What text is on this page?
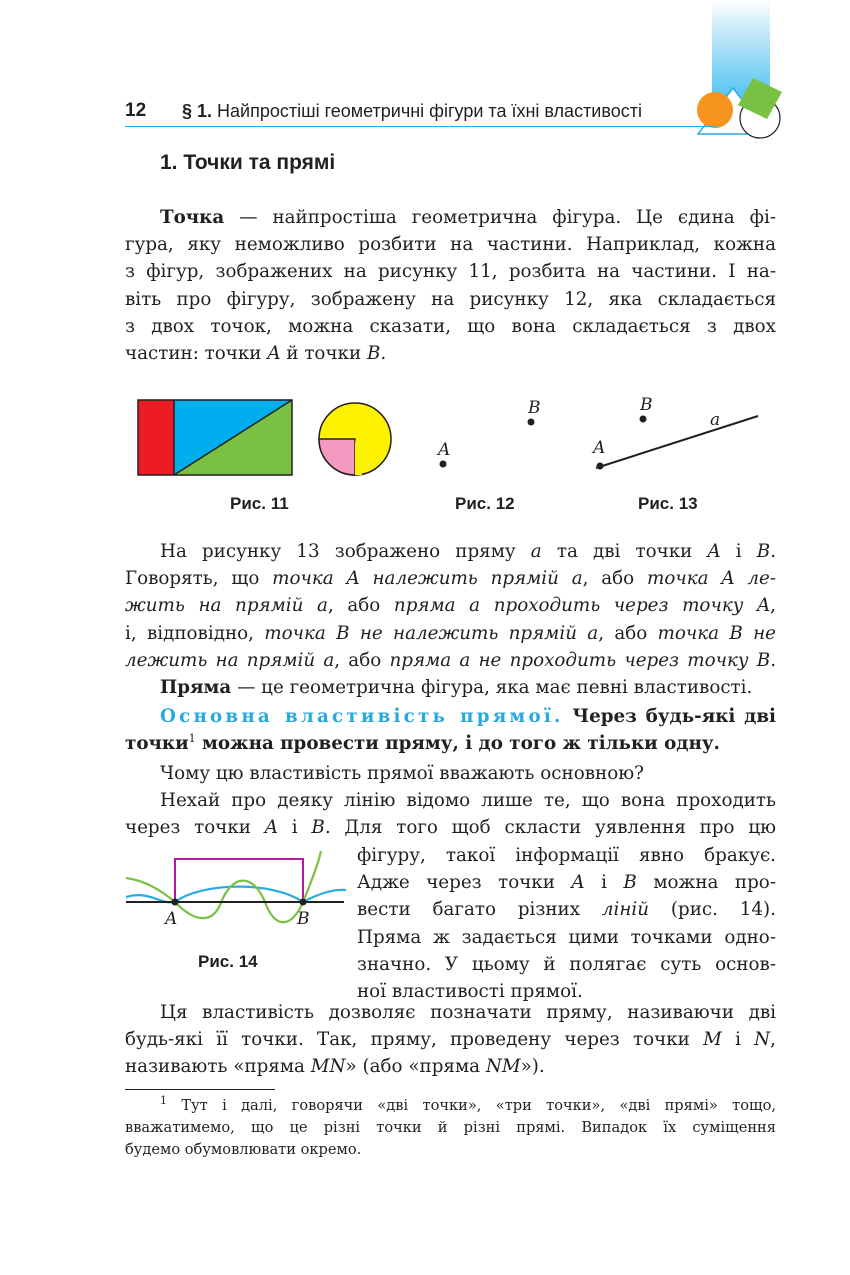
12 § 1. Найпростіші геометричні фігури та їхні властивості
1. Точки та прямі
Точка — найпростіша геометрична фігура. Це єдина фі-
гура, яку неможливо розбити на частини. Наприклад, кожна
з фігур, зображених на рисунку 11, розбита на частини. І на-
віть про фігуру, зображену на рисунку 12, яка складається
з двох точок, можна сказати, що вона складається з двох
частин: точки A й точки B.
Рис. 11
A
B
Рис. 12
A
B
a
Рис. 13
На рисунку 13 зображено пряму a та дві точки A і B.
Говорять, що точка A належить прямій a, або точка A ле-
жить на прямій a, або пряма a проходить через точку A,
і, відповідно, точка B не належить прямій a, або точка B не
лежить на прямій a, або пряма a не проходить через точку B.
Пряма — це геометрична фігура, яка має певні властивості.
Основна властивість прямої. Через будь-які дві
точки$^1$ можна провести пряму, і до того ж тільки одну.
Чому цю властивість прямої вважають основною?
Нехай про деяку лінію відомо лише те, що вона проходить
через точки A і B. Для того щоб скласти уявлення про цю
A	B
Рис. 14
фігуру, такої інформації явно бракує.
Адже через точки A і B можна про-
вести багато різних ліній (рис. 14).
Пряма ж задається цими точками одно-
значно. У цьому й полягає суть основ-
ної властивості прямої.
Ця властивість дозволяє позначати пряму, називаючи дві
будь-які її точки. Так, пряму, проведену через точки M і N,
називають «пряма MN» (або «пряма NM»).
$^1$ Тут і далі, говорячи «дві точки», «три точки», «дві прямі» тощо,
вважатимемо, що це різні точки й різні прямі. Випадок їх суміщення
будемо обумовлювати окремо.
